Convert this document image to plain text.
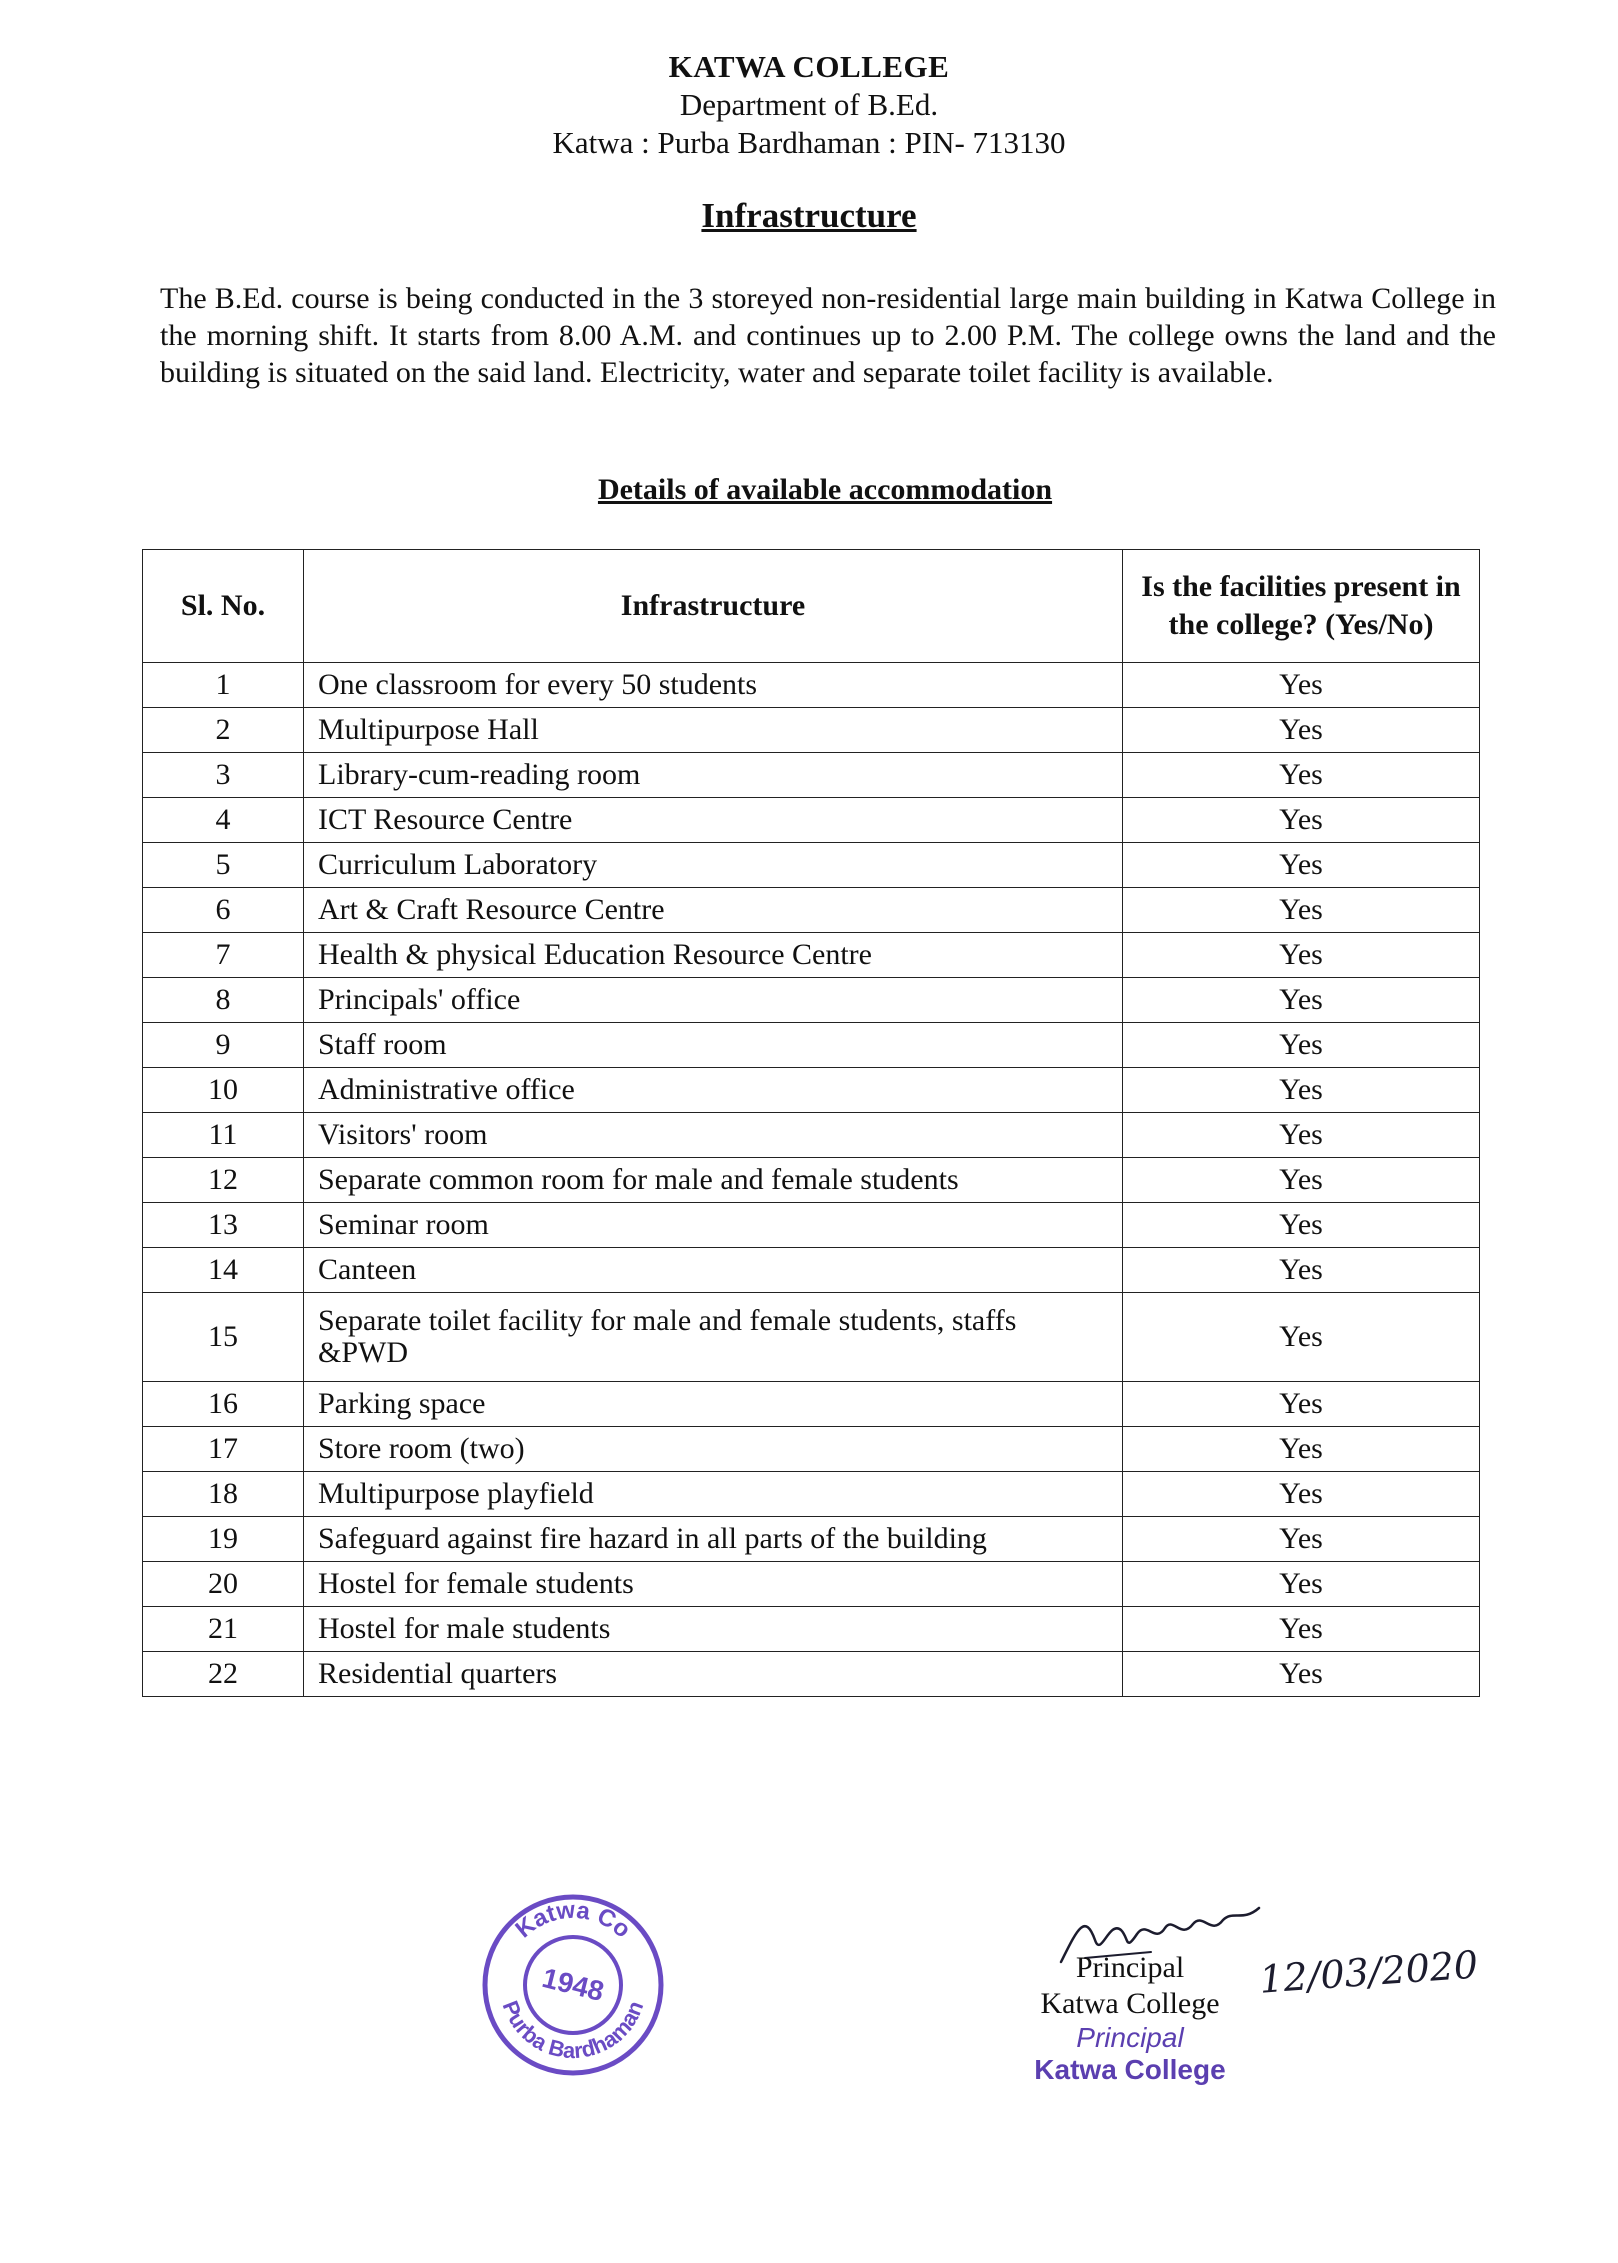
KATWA COLLEGE
Department of B.Ed.
Katwa : Purba Bardhaman : PIN- 713130
Infrastructure

The B.Ed. course is being conducted in the 3 storeyed non-residential large main building in Katwa College in the morning shift. It starts from 8.00 A.M. and continues up to 2.00 P.M. The college owns the land and the building is situated on the said land. Electricity, water and separate toilet facility is available.

Details of available accommodation
Sl. No.	Infrastructure	Is the facilities present in
the college? (Yes/No)
1	One classroom for every 50 students	Yes
2	Multipurpose Hall	Yes
3	Library-cum-reading room	Yes
4	ICT Resource Centre	Yes
5	Curriculum Laboratory	Yes
6	Art & Craft Resource Centre	Yes
7	Health & physical Education Resource Centre	Yes
8	Principals' office	Yes
9	Staff room	Yes
10	Administrative office	Yes
11	Visitors' room	Yes
12	Separate common room for male and female students	Yes
13	Seminar room	Yes
14	Canteen	Yes
15	Separate toilet facility for male and female students, staffs &PWD	Yes
16	Parking space	Yes
17	Store room (two)	Yes
18	Multipurpose playfield	Yes
19	Safeguard against fire hazard in all parts of the building	Yes
20	Hostel for female students	Yes
21	Hostel for male students	Yes
22	Residential quarters	Yes
Katwa Co
Purba Bardhaman
1948	Principal
Katwa College
Principal
Katwa College
12/03/2020
